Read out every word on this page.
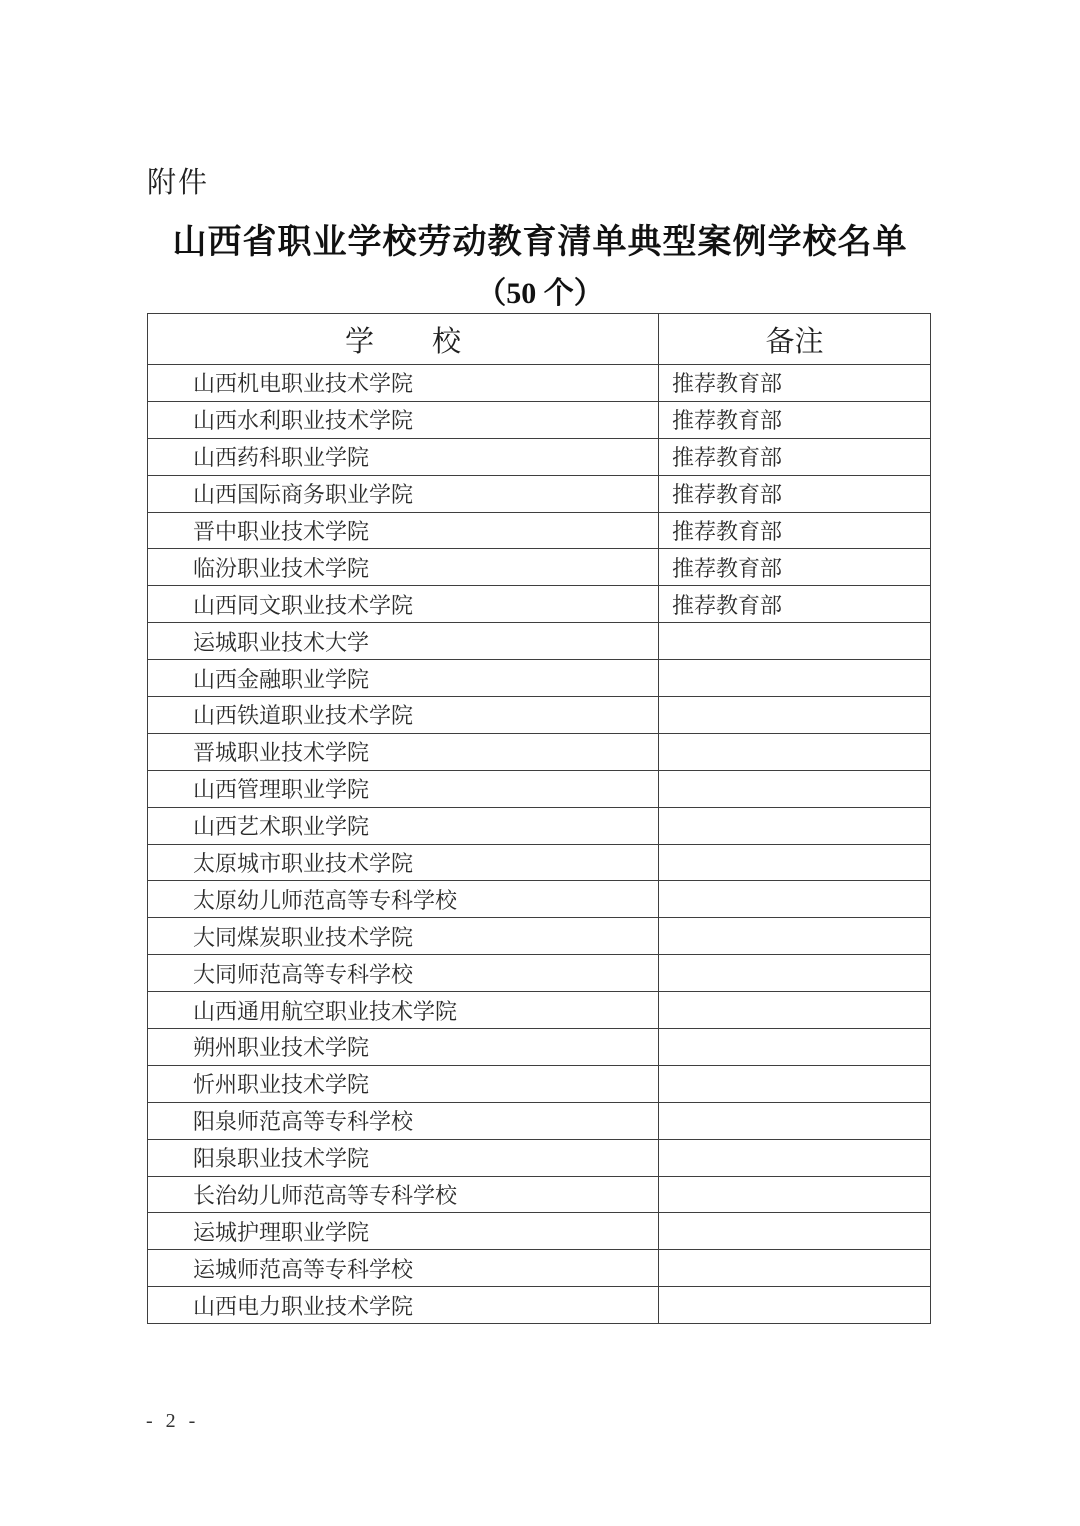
附件
山西省职业学校劳动教育清单典型案例学校名单
（50 个）
学　　校	备注
山西机电职业技术学院	推荐教育部
山西水利职业技术学院	推荐教育部
山西药科职业学院	推荐教育部
山西国际商务职业学院	推荐教育部
晋中职业技术学院	推荐教育部
临汾职业技术学院	推荐教育部
山西同文职业技术学院	推荐教育部
运城职业技术大学	
山西金融职业学院	
山西铁道职业技术学院	
晋城职业技术学院	
山西管理职业学院	
山西艺术职业学院	
太原城市职业技术学院	
太原幼儿师范高等专科学校	
大同煤炭职业技术学院	
大同师范高等专科学校	
山西通用航空职业技术学院	
朔州职业技术学院	
忻州职业技术学院	
阳泉师范高等专科学校	
阳泉职业技术学院	
长治幼儿师范高等专科学校	
运城护理职业学院	
运城师范高等专科学校	
山西电力职业技术学院	
- 2 -
